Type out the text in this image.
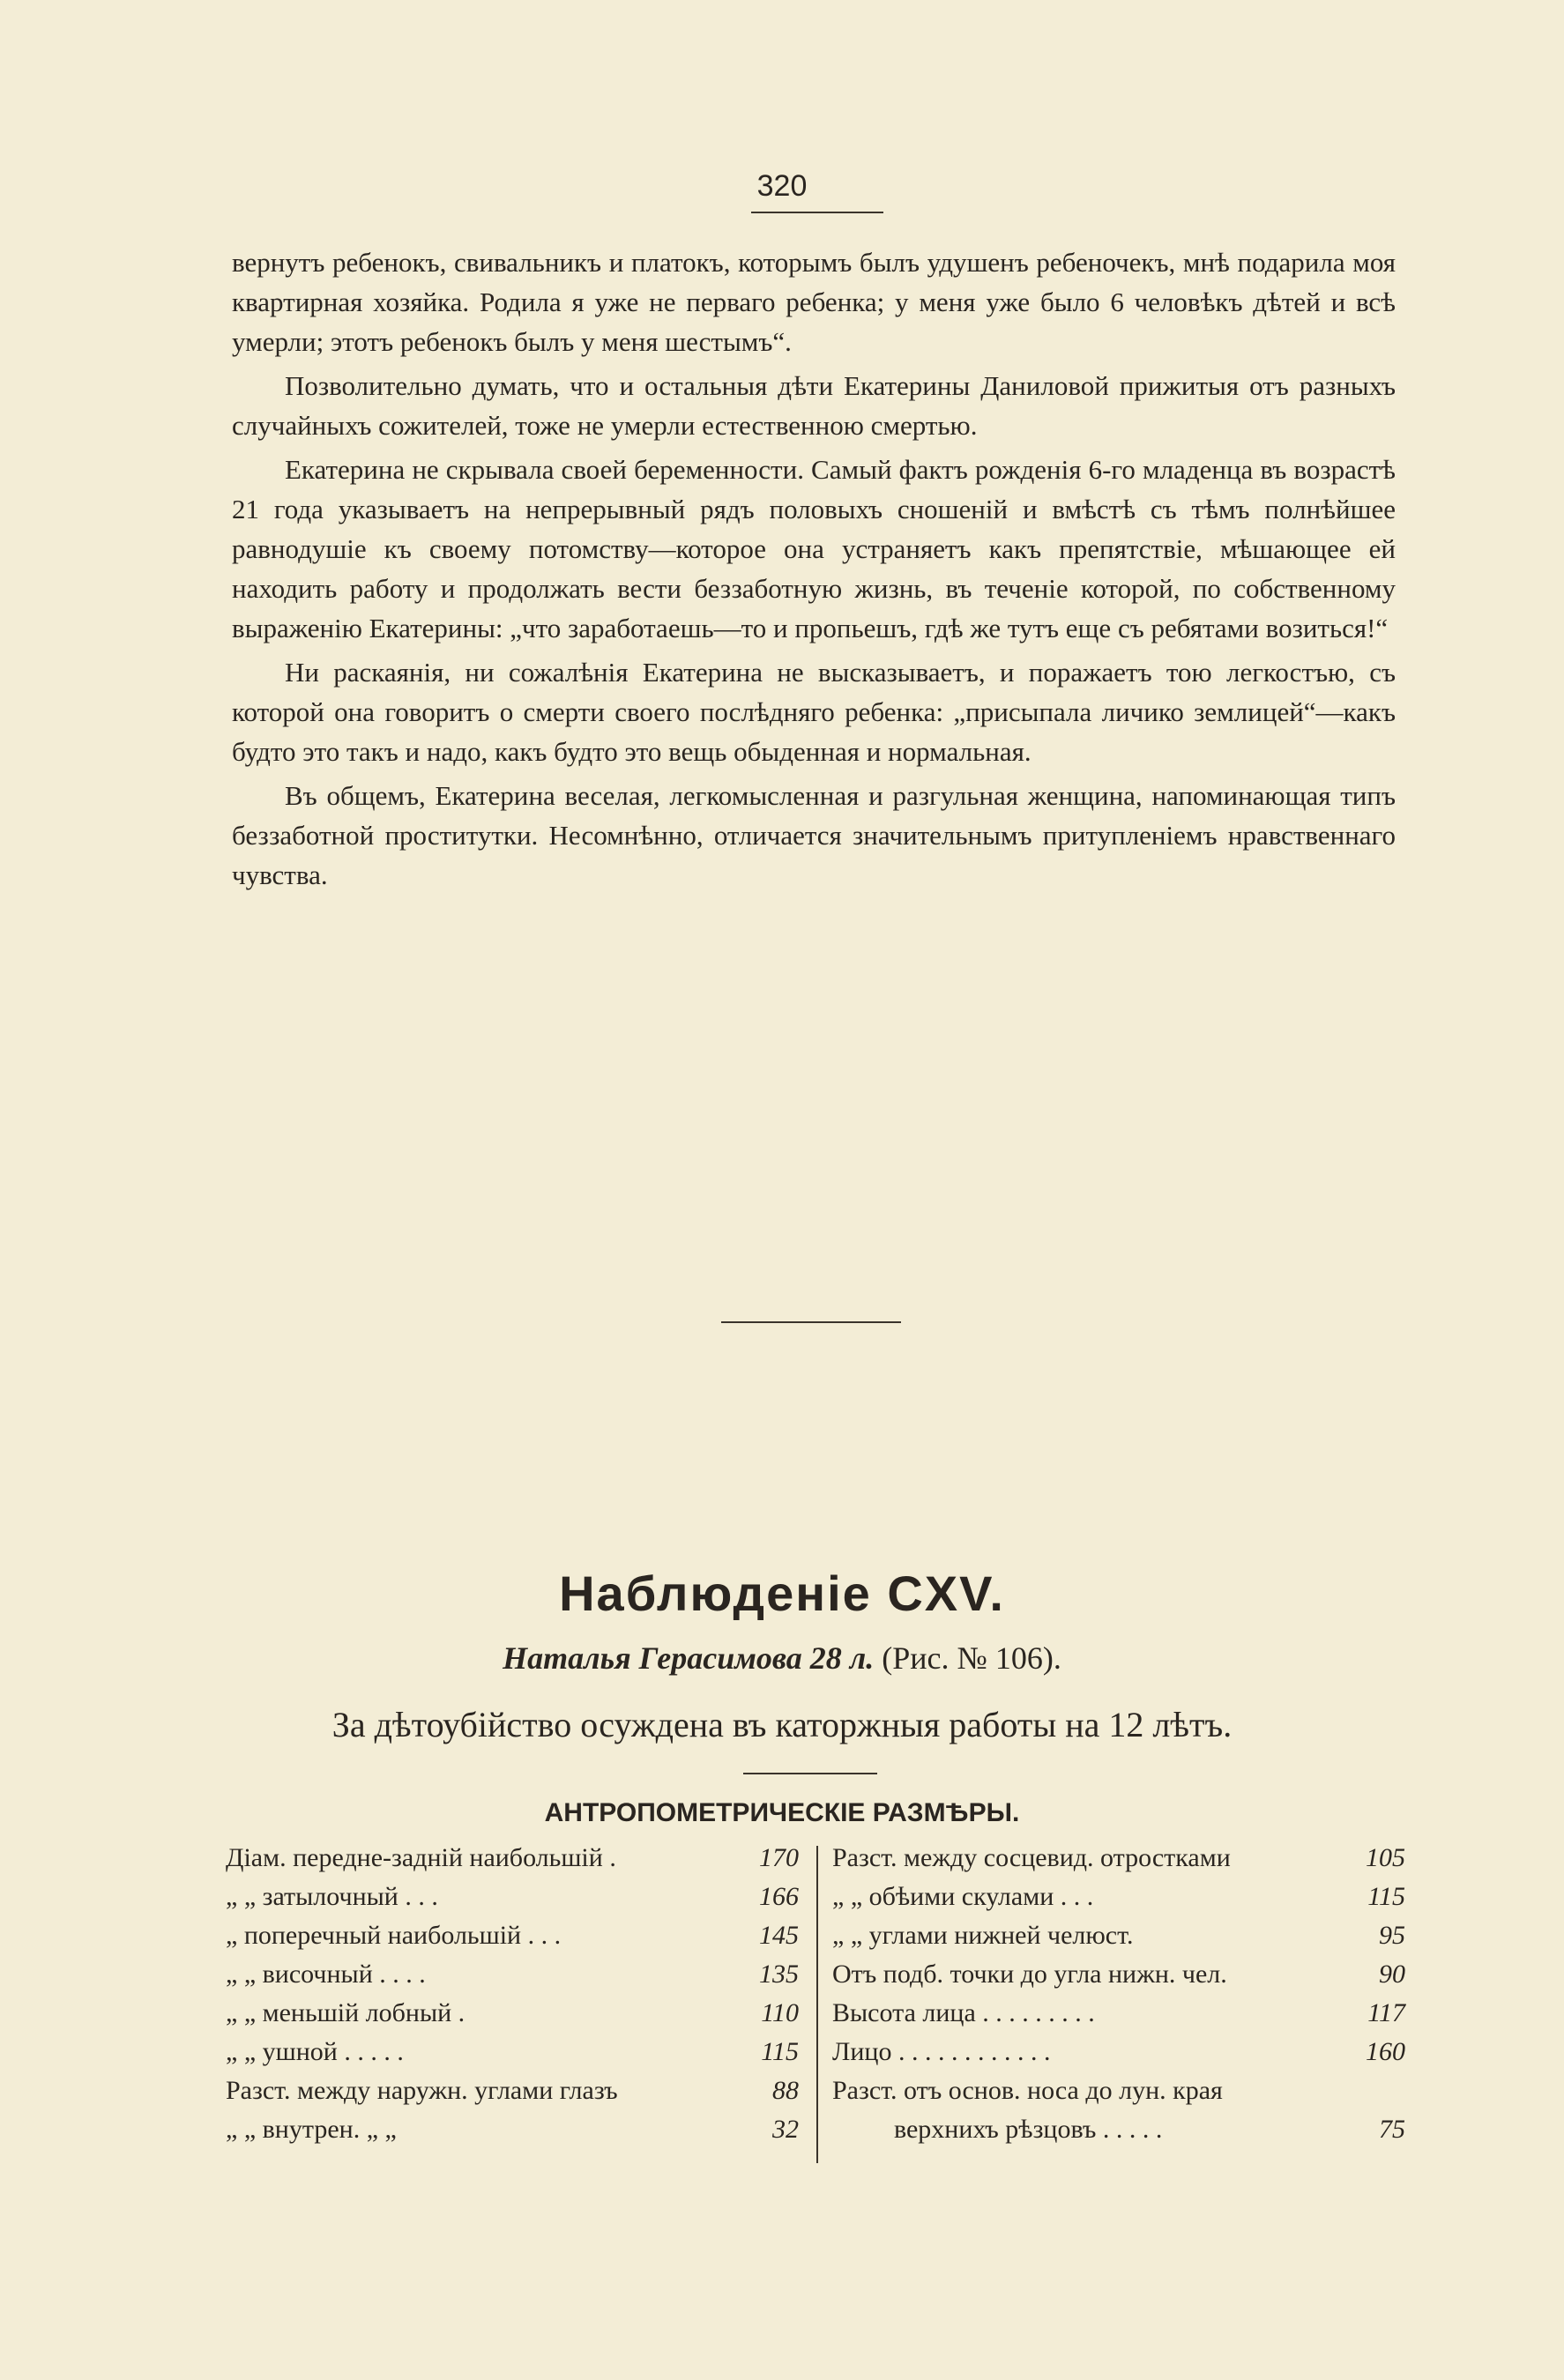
320

вернутъ ребенокъ, свивальникъ и платокъ, которымъ былъ удушенъ ребеночекъ, мнѣ подарила моя квартирная хозяйка. Родила я уже не перваго ребенка; у меня уже было 6 человѣкъ дѣтей и всѣ умерли; этотъ ребенокъ былъ у меня шестымъ“.

Позволительно думать, что и остальныя дѣти Екатерины Даниловой прижитыя отъ разныхъ случайныхъ сожителей, тоже не умерли естественною смертью.

Екатерина не скрывала своей беременности. Самый фактъ рожденія 6-го младенца въ возрастѣ 21 года указываетъ на непрерывный рядъ половыхъ сношеній и вмѣстѣ съ тѣмъ полнѣйшее равнодушіе къ своему потомству—которое она устраняетъ какъ препятствіе, мѣшающее ей находить работу и продолжать вести беззаботную жизнь, въ теченіе которой, по собственному выраженію Екатерины: „что заработаешь—то и пропьешъ, гдѣ же тутъ еще съ ребятами возиться!“

Ни раскаянія, ни сожалѣнія Екатерина не высказываетъ, и поражаетъ тою легкостъю, съ которой она говоритъ о смерти своего послѣдняго ребенка: „присыпала личико землицей“—какъ будто это такъ и надо, какъ будто это вещь обыденная и нормальная.

Въ общемъ, Екатерина веселая, легкомысленная и разгульная женщина, напоминающая типъ беззаботной проститутки. Несомнѣнно, отличается значительнымъ притупленіемъ нравственнаго чувства.

Наблюденіе CXV.
Наталья Герасимова 28 л. (Рис. № 106).
За дѣтоубійство осуждена въ каторжныя работы на 12 лѣтъ.
АНТРОПОМЕТРИЧЕСКІЕ РАЗМѢРЫ.
Діам. передне-задній наибольшій .	170
„ „ затылочный . . .	166
„ поперечный наибольшій . . .	145
„ „ височный . . . .	135
„ „ меньшій лобный .	110
„ „ ушной . . . . .	115
Разст. между наружн. углами глазъ	88
„ „ внутрен. „ „	32
Разст. между сосцевид. отростками	105
„ „ обѣими скулами . . .	115
„ „ углами нижней челюст.	95
Отъ подб. точки до угла нижн. чел.	90
Высота лица . . . . . . . . .	117
Лицо . . . . . . . . . . . .	160
Разст. отъ основ. носа до лун. края
верхнихъ рѣзцовъ . . . . .	75
